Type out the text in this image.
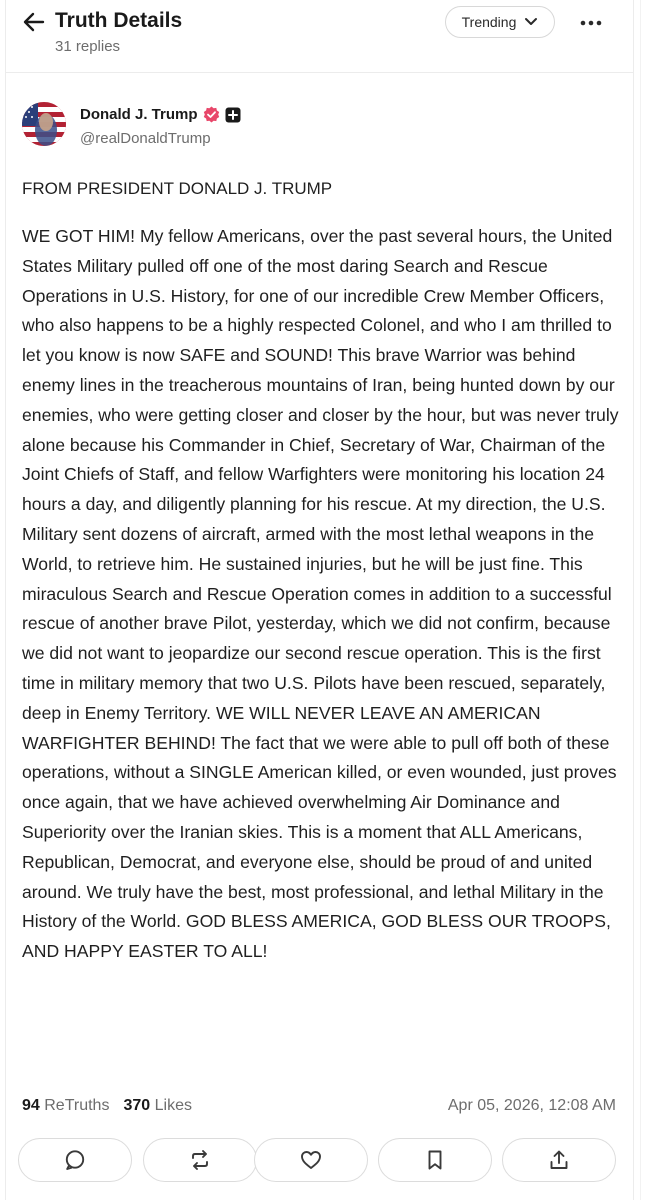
Truth Details
31 replies
Trending
Donald J. Trump
@realDonaldTrump
FROM PRESIDENT DONALD J. TRUMP
WE GOT HIM! My fellow Americans, over the past several hours, the United States Military pulled off one of the most daring Search and Rescue Operations in U.S. History, for one of our incredible Crew Member Officers, who also happens to be a highly respected Colonel, and who I am thrilled to let you know is now SAFE and SOUND! This brave Warrior was behind enemy lines in the treacherous mountains of Iran, being hunted down by our enemies, who were getting closer and closer by the hour, but was never truly alone because his Commander in Chief, Secretary of War, Chairman of the Joint Chiefs of Staff, and fellow Warfighters were monitoring his location 24 hours a day, and diligently planning for his rescue. At my direction, the U.S. Military sent dozens of aircraft, armed with the most lethal weapons in the World, to retrieve him. He sustained injuries, but he will be just fine. This miraculous Search and Rescue Operation comes in addition to a successful rescue of another brave Pilot, yesterday, which we did not confirm, because we did not want to jeopardize our second rescue operation. This is the first time in military memory that two U.S. Pilots have been rescued, separately, deep in Enemy Territory. WE WILL NEVER LEAVE AN AMERICAN WARFIGHTER BEHIND! The fact that we were able to pull off both of these operations, without a SINGLE American killed, or even wounded, just proves once again, that we have achieved overwhelming Air Dominance and Superiority over the Iranian skies. This is a moment that ALL Americans, Republican, Democrat, and everyone else, should be proud of and united around. We truly have the best, most professional, and lethal Military in the History of the World. GOD BLESS AMERICA, GOD BLESS OUR TROOPS, AND HAPPY EASTER TO ALL!
94 ReTruths 370 Likes	Apr 05, 2026, 12:08 AM
